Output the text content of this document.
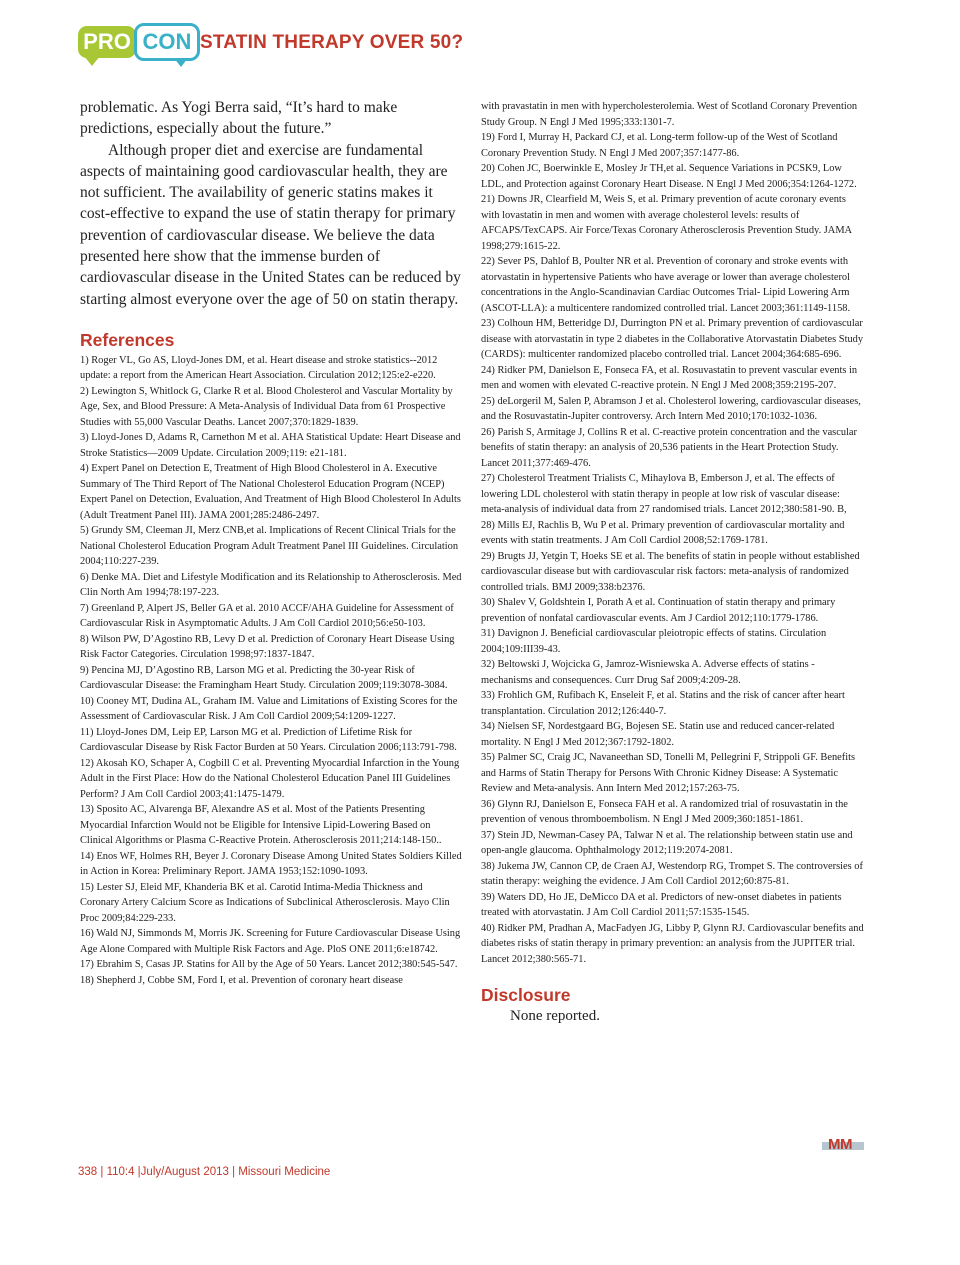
PRO CON STATIN THERAPY OVER 50?

problematic. As Yogi Berra said, “It’s hard to make predictions, especially about the future.”

Although proper diet and exercise are fundamental aspects of maintaining good cardiovascular health, they are not sufficient. The availability of generic statins makes it cost-effective to expand the use of statin therapy for primary prevention of cardiovascular disease. We believe the data presented here show that the immense burden of cardiovascular disease in the United States can be reduced by starting almost everyone over the age of 50 on statin therapy.

References
1) Roger VL, Go AS, Lloyd-Jones DM, et al. Heart disease and stroke statistics--2012 update: a report from the American Heart Association. Circulation 2012;125:e2-e220.
2) Lewington S, Whitlock G, Clarke R et al. Blood Cholesterol and Vascular Mortality by Age, Sex, and Blood Pressure: A Meta-Analysis of Individual Data from 61 Prospective Studies with 55,000 Vascular Deaths. Lancet 2007;370:1829-1839.
3) Lloyd-Jones D, Adams R, Carnethon M et al. AHA Statistical Update: Heart Disease and Stroke Statistics—2009 Update. Circulation 2009;119: e21-181.
4) Expert Panel on Detection E, Treatment of High Blood Cholesterol in A. Executive Summary of The Third Report of The National Cholesterol Education Program (NCEP) Expert Panel on Detection, Evaluation, And Treatment of High Blood Cholesterol In Adults (Adult Treatment Panel III). JAMA 2001;285:2486-2497.
5) Grundy SM, Cleeman JI, Merz CNB,et al. Implications of Recent Clinical Trials for the National Cholesterol Education Program Adult Treatment Panel III Guidelines. Circulation 2004;110:227-239.
6) Denke MA. Diet and Lifestyle Modification and its Relationship to Atherosclerosis. Med Clin North Am 1994;78:197-223.
7) Greenland P, Alpert JS, Beller GA et al. 2010 ACCF/AHA Guideline for Assessment of Cardiovascular Risk in Asymptomatic Adults. J Am Coll Cardiol 2010;56:e50-103.
8) Wilson PW, D’Agostino RB, Levy D et al. Prediction of Coronary Heart Disease Using Risk Factor Categories. Circulation 1998;97:1837-1847.
9) Pencina MJ, D’Agostino RB, Larson MG et al. Predicting the 30-year Risk of Cardiovascular Disease: the Framingham Heart Study. Circulation 2009;119:3078-3084.
10) Cooney MT, Dudina AL, Graham IM. Value and Limitations of Existing Scores for the Assessment of Cardiovascular Risk. J Am Coll Cardiol 2009;54:1209-1227.
11) Lloyd-Jones DM, Leip EP, Larson MG et al. Prediction of Lifetime Risk for Cardiovascular Disease by Risk Factor Burden at 50 Years. Circulation 2006;113:791-798.
12) Akosah KO, Schaper A, Cogbill C et al. Preventing Myocardial Infarction in the Young Adult in the First Place: How do the National Cholesterol Education Panel III Guidelines Perform? J Am Coll Cardiol 2003;41:1475-1479.
13) Sposito AC, Alvarenga BF, Alexandre AS et al. Most of the Patients Presenting Myocardial Infarction Would not be Eligible for Intensive Lipid-Lowering Based on Clinical Algorithms or Plasma C-Reactive Protein. Atherosclerosis 2011;214:148-150..
14) Enos WF, Holmes RH, Beyer J. Coronary Disease Among United States Soldiers Killed in Action in Korea: Preliminary Report. JAMA 1953;152:1090-1093.
15) Lester SJ, Eleid MF, Khanderia BK et al. Carotid Intima-Media Thickness and Coronary Artery Calcium Score as Indications of Subclinical Atherosclerosis. Mayo Clin Proc 2009;84:229-233.
16) Wald NJ, Simmonds M, Morris JK. Screening for Future Cardiovascular Disease Using Age Alone Compared with Multiple Risk Factors and Age. PloS ONE 2011;6:e18742.
17) Ebrahim S, Casas JP. Statins for All by the Age of 50 Years. Lancet 2012;380:545-547.
18) Shepherd J, Cobbe SM, Ford I, et al. Prevention of coronary heart disease
with pravastatin in men with hypercholesterolemia. West of Scotland Coronary Prevention Study Group. N Engl J Med 1995;333:1301-7.
19) Ford I, Murray H, Packard CJ, et al. Long-term follow-up of the West of Scotland Coronary Prevention Study. N Engl J Med 2007;357:1477-86.
20) Cohen JC, Boerwinkle E, Mosley Jr TH,et al. Sequence Variations in PCSK9, Low LDL, and Protection against Coronary Heart Disease. N Engl J Med 2006;354:1264-1272.
21) Downs JR, Clearfield M, Weis S, et al. Primary prevention of acute coronary events with lovastatin in men and women with average cholesterol levels: results of AFCAPS/TexCAPS. Air Force/Texas Coronary Atherosclerosis Prevention Study. JAMA 1998;279:1615-22.
22) Sever PS, Dahlof B, Poulter NR et al. Prevention of coronary and stroke events with atorvastatin in hypertensive Patients who have average or lower than average cholesterol concentrations in the Anglo-Scandinavian Cardiac Outcomes Trial- Lipid Lowering Arm (ASCOT-LLA): a multicentere randomized controlled trial. Lancet 2003;361:1149-1158.
23) Colhoun HM, Betteridge DJ, Durrington PN et al. Primary prevention of cardiovascular disease with atorvastatin in type 2 diabetes in the Collaborative Atorvastatin Diabetes Study (CARDS): multicenter randomized placebo controlled trial. Lancet 2004;364:685-696.
24) Ridker PM, Danielson E, Fonseca FA, et al. Rosuvastatin to prevent vascular events in men and women with elevated C-reactive protein. N Engl J Med 2008;359:2195-207.
25) deLorgeril M, Salen P, Abramson J et al. Cholesterol lowering, cardiovascular diseases, and the Rosuvastatin-Jupiter controversy. Arch Intern Med 2010;170:1032-1036.
26) Parish S, Armitage J, Collins R et al. C-reactive protein concentration and the vascular benefits of statin therapy: an analysis of 20,536 patients in the Heart Protection Study. Lancet 2011;377:469-476.
27) Cholesterol Treatment Trialists C, Mihaylova B, Emberson J, et al. The effects of lowering LDL cholesterol with statin therapy in people at low risk of vascular disease: meta-analysis of individual data from 27 randomised trials. Lancet 2012;380:581-90. B,
28) Mills EJ, Rachlis B, Wu P et al. Primary prevention of cardiovascular mortality and events with statin treatments. J Am Coll Cardiol 2008;52:1769-1781.
29) Brugts JJ, Yetgin T, Hoeks SE et al. The benefits of statin in people without established cardiovascular disease but with cardiovascular risk factors: meta-analysis of randomized controlled trials. BMJ 2009;338:b2376.
30) Shalev V, Goldshtein I, Porath A et al. Continuation of statin therapy and primary prevention of nonfatal cardiovascular events. Am J Cardiol 2012;110:1779-1786.
31) Davignon J. Beneficial cardiovascular pleiotropic effects of statins. Circulation 2004;109:III39-43.
32) Beltowski J, Wojcicka G, Jamroz-Wisniewska A. Adverse effects of statins - mechanisms and consequences. Curr Drug Saf 2009;4:209-28.
33) Frohlich GM, Rufibach K, Enseleit F, et al. Statins and the risk of cancer after heart transplantation. Circulation 2012;126:440-7.
34) Nielsen SF, Nordestgaard BG, Bojesen SE. Statin use and reduced cancer-related mortality. N Engl J Med 2012;367:1792-1802.
35) Palmer SC, Craig JC, Navaneethan SD, Tonelli M, Pellegrini F, Strippoli GF. Benefits and Harms of Statin Therapy for Persons With Chronic Kidney Disease: A Systematic Review and Meta-analysis. Ann Intern Med 2012;157:263-75.
36) Glynn RJ, Danielson E, Fonseca FAH et al. A randomized trial of rosuvastatin in the prevention of venous thromboembolism. N Engl J Med 2009;360:1851-1861.
37) Stein JD, Newman-Casey PA, Talwar N et al. The relationship between statin use and open-angle glaucoma. Ophthalmology 2012;119:2074-2081.
38) Jukema JW, Cannon CP, de Craen AJ, Westendorp RG, Trompet S. The controversies of statin therapy: weighing the evidence. J Am Coll Cardiol 2012;60:875-81.
39) Waters DD, Ho JE, DeMicco DA et al. Predictors of new-onset diabetes in patients treated with atorvastatin. J Am Coll Cardiol 2011;57:1535-1545.
40) Ridker PM, Pradhan A, MacFadyen JG, Libby P, Glynn RJ. Cardiovascular benefits and diabetes risks of statin therapy in primary prevention: an analysis from the JUPITER trial. Lancet 2012;380:565-71.
Disclosure

None reported.

MM
338 | 110:4 |July/August 2013 | Missouri Medicine
